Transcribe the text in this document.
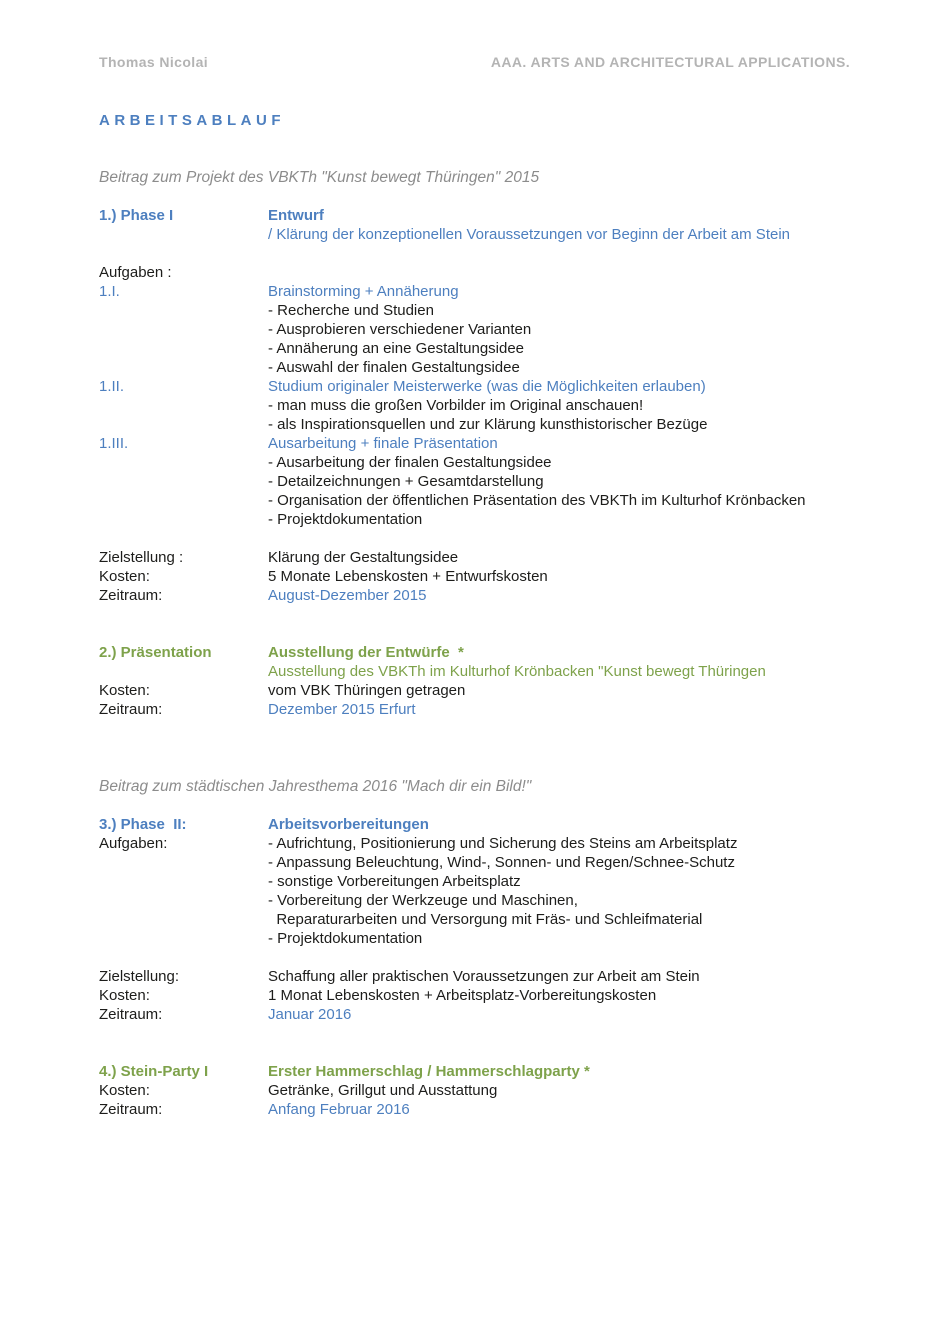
Thomas Nicolai	AAA. ARTS AND ARCHITECTURAL APPLICATIONS.
ARBEITSABLAUF
Beitrag zum Projekt des VBKTh "Kunst bewegt Thüringen" 2015
1.) Phase I	Entwurf
/ Klärung der konzeptionellen Voraussetzungen vor Beginn der Arbeit am Stein
Aufgaben :
1.I.	Brainstorming + Annäherung
- Recherche und Studien
- Ausprobieren verschiedener Varianten
- Annäherung an eine Gestaltungsidee
- Auswahl der finalen Gestaltungsidee
1.II.	Studium originaler Meisterwerke (was die Möglichkeiten erlauben)
- man muss die großen Vorbilder im Original anschauen!
- als Inspirationsquellen und zur Klärung kunsthistorischer Bezüge
1.III.	Ausarbeitung + finale Präsentation
- Ausarbeitung der finalen Gestaltungsidee
- Detailzeichnungen + Gesamtdarstellung
- Organisation der öffentlichen Präsentation des VBKTh im Kulturhof Krönbacken
- Projektdokumentation
Zielstellung :	Klärung der Gestaltungsidee
Kosten:	5 Monate Lebenskosten + Entwurfskosten
Zeitraum:	August-Dezember 2015
2.) Präsentation	Ausstellung der Entwürfe  *
Ausstellung des VBKTh im Kulturhof Krönbacken "Kunst bewegt Thüringen
Kosten:	vom VBK Thüringen getragen
Zeitraum:	Dezember 2015 Erfurt
Beitrag zum städtischen Jahresthema 2016 "Mach dir ein Bild!"
3.) Phase  II:	Arbeitsvorbereitungen
Aufgaben:	- Aufrichtung, Positionierung und Sicherung des Steins am Arbeitsplatz
- Anpassung Beleuchtung, Wind-, Sonnen- und Regen/Schnee-Schutz
- sonstige Vorbereitungen Arbeitsplatz
- Vorbereitung der Werkzeuge und Maschinen,
Reparaturarbeiten und Versorgung mit Fräs- und Schleifmaterial
- Projektdokumentation
Zielstellung:	Schaffung aller praktischen Voraussetzungen zur Arbeit am Stein
Kosten:	1 Monat Lebenskosten + Arbeitsplatz-Vorbereitungskosten
Zeitraum:	Januar 2016
4.) Stein-Party I	Erster Hammerschlag / Hammerschlagparty *
Kosten:	Getränke, Grillgut und Ausstattung
Zeitraum:	Anfang Februar 2016
